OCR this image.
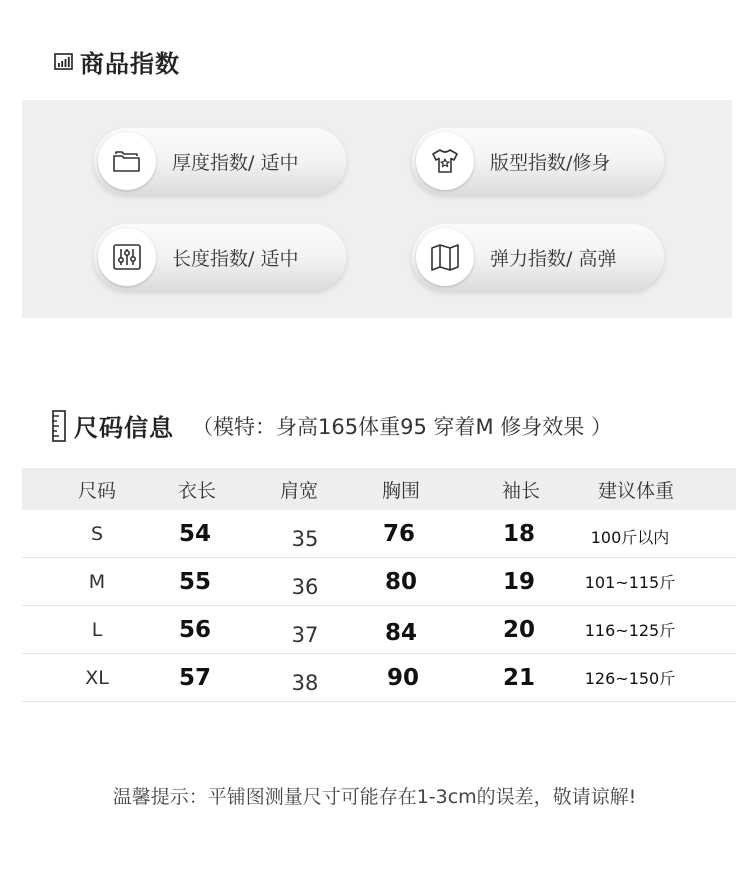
商品指数
厚度指数/ 适中	版型指数/修身
长度指数/ 适中	弹力指数/ 高弹
尺码信息 （模特：身高165体重95 穿着M 修身效果 ）
尺码	衣长	肩宽	胸围	袖长	建议体重
S	54	35	76	18	100斤以内
M	55	36	80	19	101~115斤
L	56	37	84	20	116~125斤
XL	57	38	90	21	126~150斤
温馨提示：平铺图测量尺寸可能存在1-3cm的误差，敬请谅解!
